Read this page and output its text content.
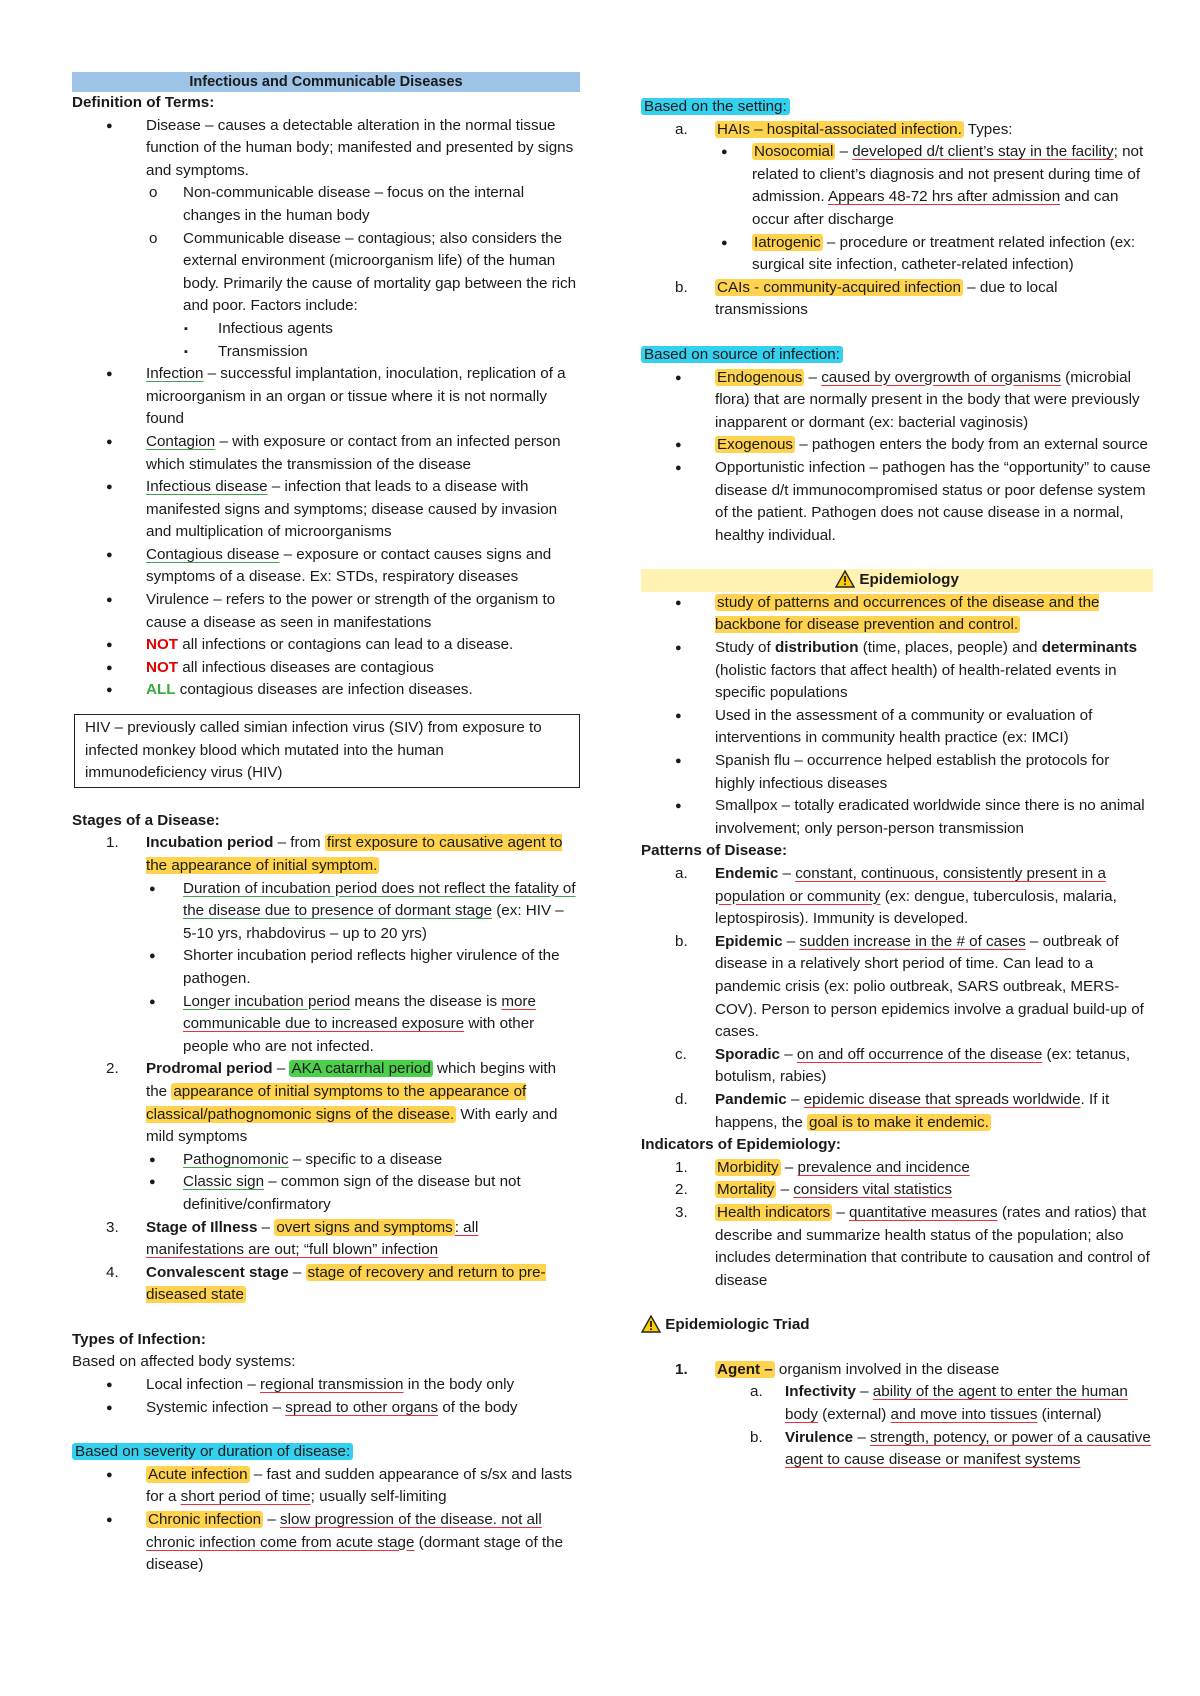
Infectious and Communicable Diseases
Definition of Terms:
● Disease – causes a detectable alteration in the normal tissue function of the human body; manifested and presented by signs and symptoms.
o Non-communicable disease – focus on the internal changes in the human body
o Communicable disease – contagious; also considers the external environment (microorganism life) of the human body. Primarily the cause of mortality gap between the rich and poor. Factors include:
▪ Infectious agents
▪ Transmission
● Infection – successful implantation, inoculation, replication of a microorganism in an organ or tissue where it is not normally found
● Contagion – with exposure or contact from an infected person which stimulates the transmission of the disease
● Infectious disease – infection that leads to a disease with manifested signs and symptoms; disease caused by invasion and multiplication of microorganisms
● Contagious disease – exposure or contact causes signs and symptoms of a disease. Ex: STDs, respiratory diseases
● Virulence – refers to the power or strength of the organism to cause a disease as seen in manifestations
● NOT all infections or contagions can lead to a disease.
● NOT all infectious diseases are contagious
● ALL contagious diseases are infection diseases.
HIV – previously called simian infection virus (SIV) from exposure to infected monkey blood which mutated into the human immunodeficiency virus (HIV)
Stages of a Disease:
1. Incubation period – from first exposure to causative agent to the appearance of initial symptom.
● Duration of incubation period does not reflect the fatality of the disease due to presence of dormant stage (ex: HIV – 5-10 yrs, rhabdovirus – up to 20 yrs)
● Shorter incubation period reflects higher virulence of the pathogen.
● Longer incubation period means the disease is more communicable due to increased exposure with other people who are not infected.
2. Prodromal period – AKA catarrhal period which begins with the appearance of initial symptoms to the appearance of classical/pathognomonic signs of the disease. With early and mild symptoms
● Pathognomonic – specific to a disease
● Classic sign – common sign of the disease but not definitive/confirmatory
3. Stage of Illness – overt signs and symptoms : all manifestations are out; “full blown” infection
4. Convalescent stage – stage of recovery and return to pre-diseased state
Types of Infection:
Based on affected body systems:
● Local infection – regional transmission in the body only
● Systemic infection – spread to other organs of the body
Based on severity or duration of disease:
● Acute infection – fast and sudden appearance of s/sx and lasts for a short period of time; usually self-limiting
● Chronic infection – slow progression of the disease. not all chronic infection come from acute stage (dormant stage of the disease)
Based on the setting:
a. HAIs – hospital-associated infection. Types:
● Nosocomial – developed d/t client’s stay in the facility; not related to client’s diagnosis and not present during time of admission. Appears 48-72 hrs after admission and can occur after discharge
● Iatrogenic – procedure or treatment related infection (ex: surgical site infection, catheter-related infection)
b. CAIs - community-acquired infection – due to local transmissions
Based on source of infection:
● Endogenous – caused by overgrowth of organisms (microbial flora) that are normally present in the body that were previously inapparent or dormant (ex: bacterial vaginosis)
● Exogenous – pathogen enters the body from an external source
● Opportunistic infection – pathogen has the “opportunity” to cause disease d/t immunocompromised status or poor defense system of the patient. Pathogen does not cause disease in a normal, healthy individual.
Epidemiology
● study of patterns and occurrences of the disease and the backbone for disease prevention and control.
● Study of distribution (time, places, people) and determinants (holistic factors that affect health) of health-related events in specific populations
● Used in the assessment of a community or evaluation of interventions in community health practice (ex: IMCI)
● Spanish flu – occurrence helped establish the protocols for highly infectious diseases
● Smallpox – totally eradicated worldwide since there is no animal involvement; only person-person transmission
Patterns of Disease:
a. Endemic – constant, continuous, consistently present in a population or community (ex: dengue, tuberculosis, malaria, leptospirosis). Immunity is developed.
b. Epidemic – sudden increase in the # of cases – outbreak of disease in a relatively short period of time. Can lead to a pandemic crisis (ex: polio outbreak, SARS outbreak, MERS-COV). Person to person epidemics involve a gradual build-up of cases.
c. Sporadic – on and off occurrence of the disease (ex: tetanus, botulism, rabies)
d. Pandemic – epidemic disease that spreads worldwide. If it happens, the goal is to make it endemic.
Indicators of Epidemiology:
1. Morbidity – prevalence and incidence
2. Mortality – considers vital statistics
3. Health indicators – quantitative measures (rates and ratios) that describe and summarize health status of the population; also includes determination that contribute to causation and control of disease
Epidemiologic Triad
1. Agent – organism involved in the disease
a. Infectivity – ability of the agent to enter the human body (external) and move into tissues (internal)
b. Virulence – strength, potency, or power of a causative agent to cause disease or manifest systems
